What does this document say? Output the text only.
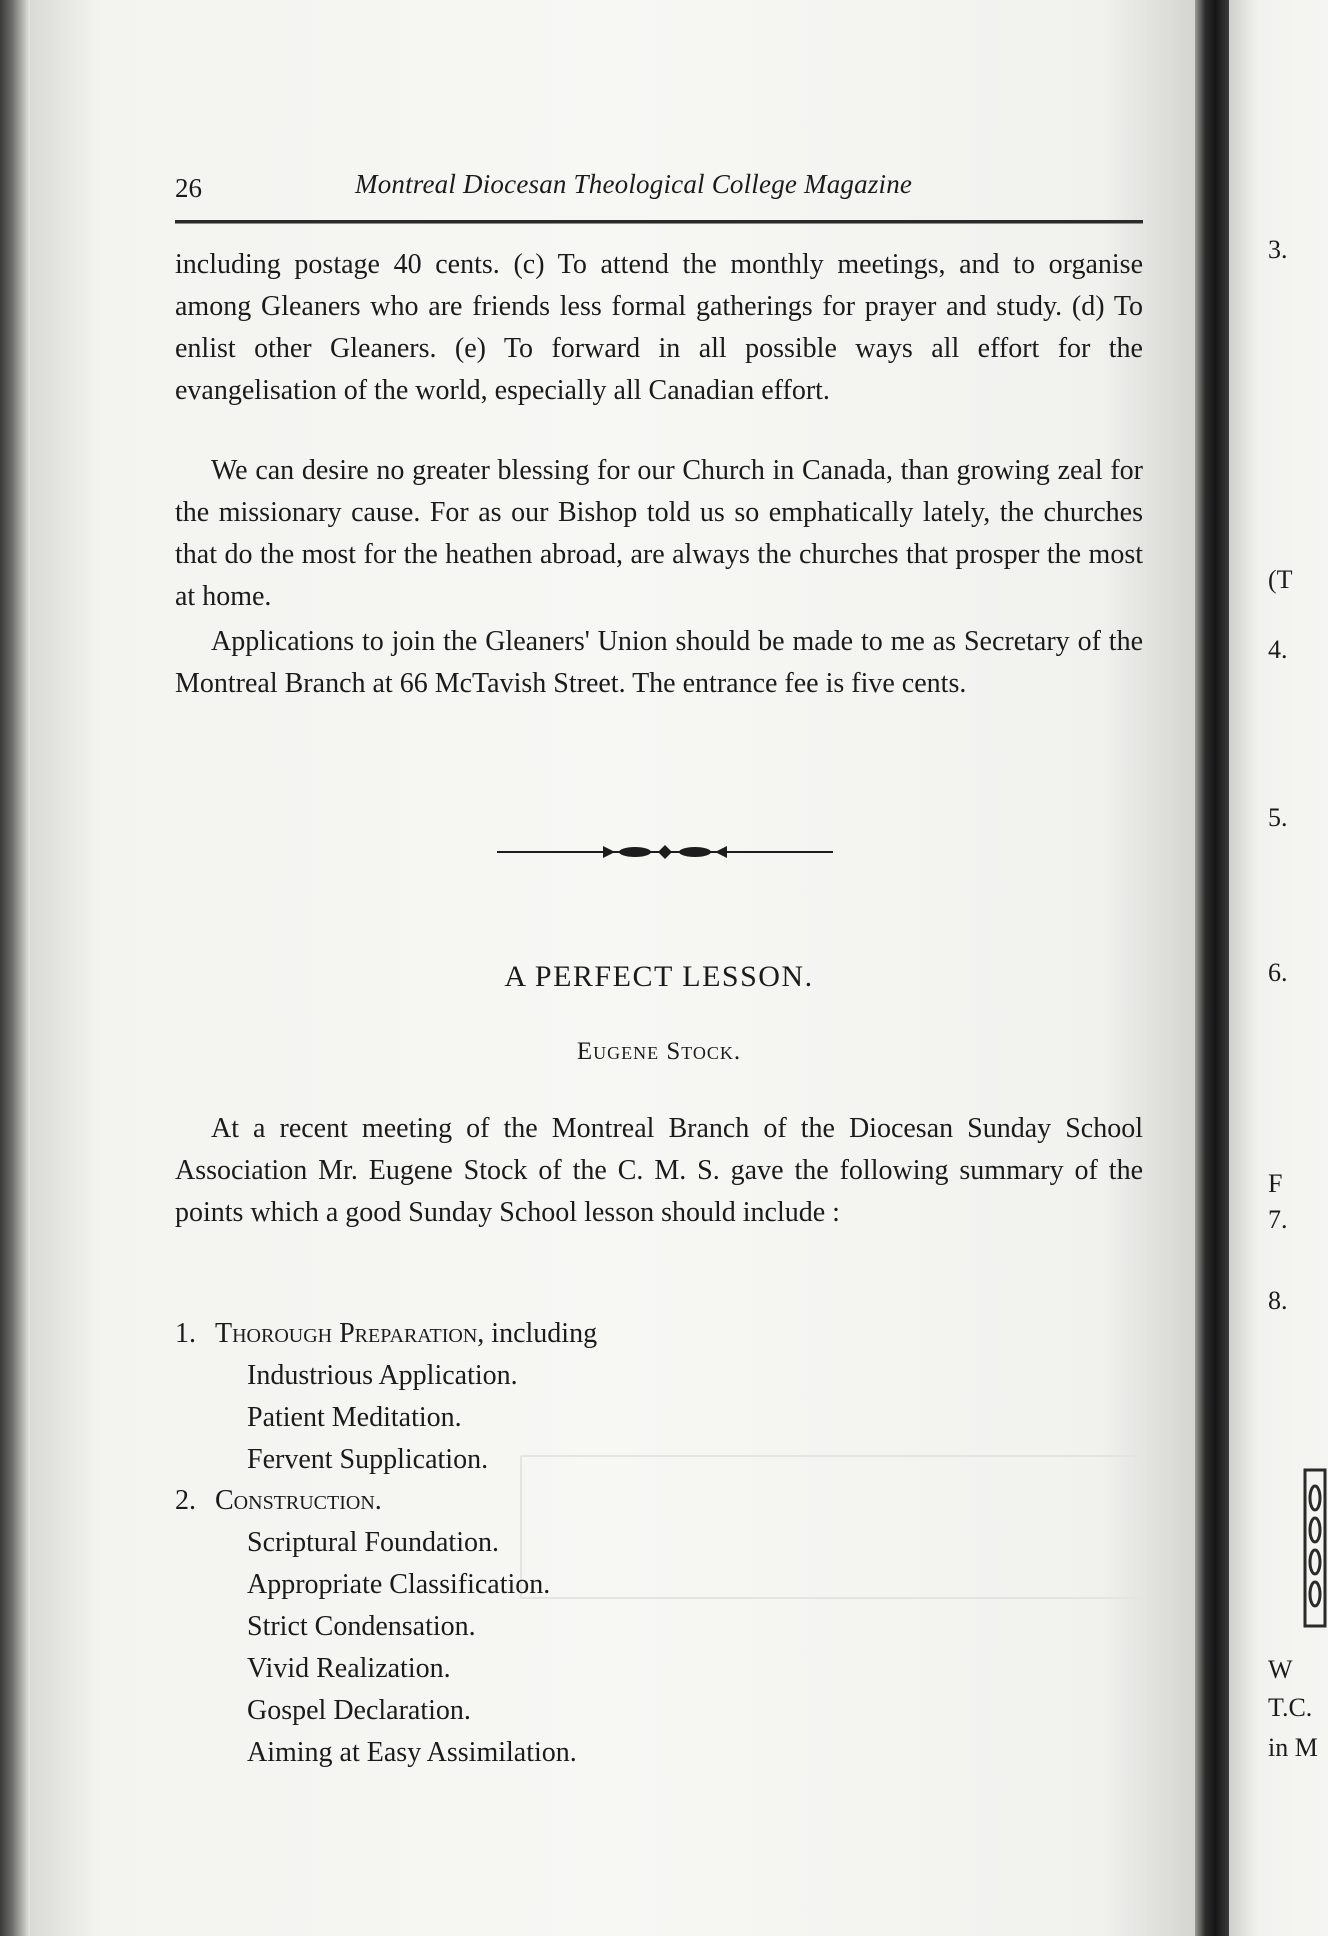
26	Montreal Diocesan Theological College Magazine

including postage 40 cents. (c) To attend the monthly meetings, and to organise among Gleaners who are friends less formal gatherings for prayer and study. (d) To enlist other Gleaners. (e) To forward in all possible ways all effort for the evangelisation of the world, especially all Canadian effort.

We can desire no greater blessing for our Church in Canada, than growing zeal for the missionary cause. For as our Bishop told us so emphatically lately, the churches that do the most for the heathen abroad, are always the churches that prosper the most at home.

Applications to join the Gleaners' Union should be made to me as Secretary of the Montreal Branch at 66 McTavish Street. The entrance fee is five cents.

A PERFECT LESSON.
Eugene Stock.

At a recent meeting of the Montreal Branch of the Diocesan Sunday School Association Mr. Eugene Stock of the C. M. S. gave the following summary of the points which a good Sunday School lesson should include :

1. Thorough Preparation, including

Industrious Application.

Patient Meditation.

Fervent Supplication.

2. Construction.

Scriptural Foundation.

Appropriate Classification.

Strict Condensation.

Vivid Realization.

Gospel Declaration.

Aiming at Easy Assimilation.

3.
(T
4.
5.
6.
F
7.
8.
W
T.C.
in M
